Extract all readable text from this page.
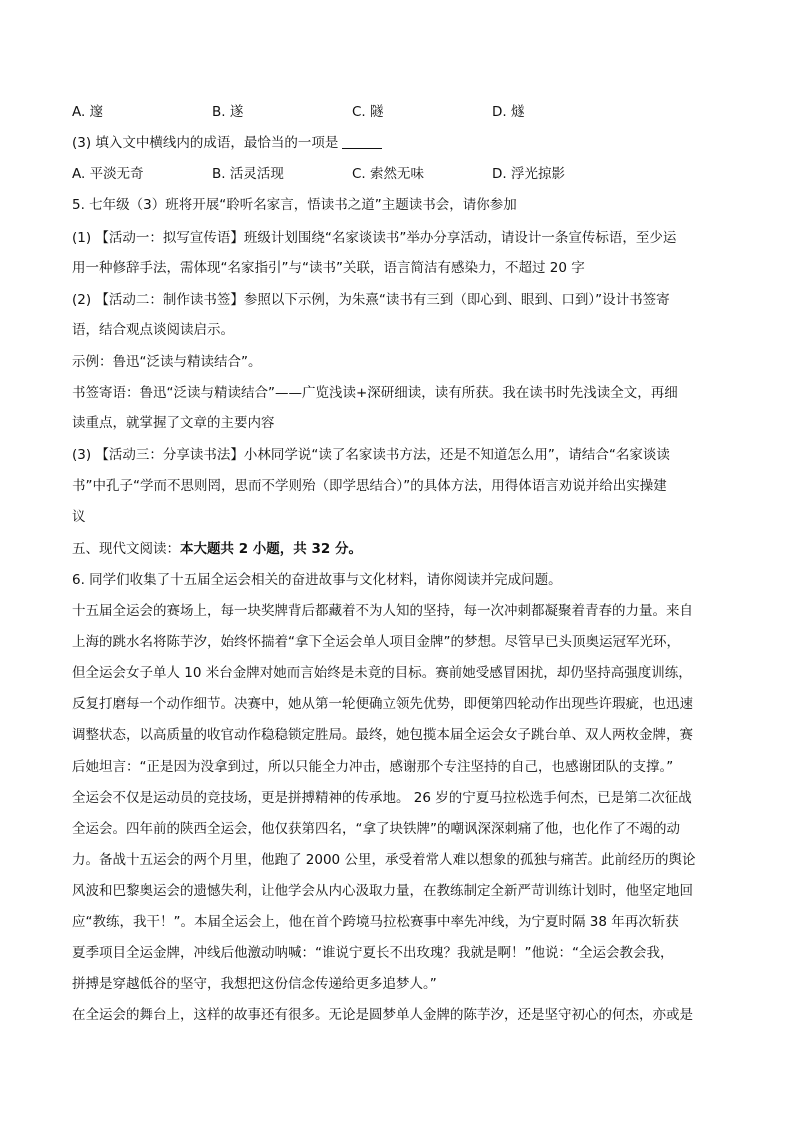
A. 邃	B. 遂	C. 隧	D. 燧
(3) 填入文中横线内的成语，最恰当的一项是
A. 平淡无奇	B. 活灵活现	C. 索然无味	D. 浮光掠影
5. 七年级（3）班将开展“聆听名家言，悟读书之道”主题读书会，请你参加
(1) 【活动一：拟写宣传语】班级计划围绕“名家谈读书”举办分享活动，请设计一条宣传标语，至少运
用一种修辞手法，需体现“名家指引”与“读书”关联，语言简洁有感染力，不超过 20 字
(2) 【活动二：制作读书签】参照以下示例，为朱熹“读书有三到（即心到、眼到、口到）”设计书签寄
语，结合观点谈阅读启示。
示例：鲁迅“泛读与精读结合”。
书签寄语：鲁迅“泛读与精读结合”——广览浅读+深研细读，读有所获。我在读书时先浅读全文，再细
读重点，就掌握了文章的主要内容
(3) 【活动三：分享读书法】小林同学说“读了名家读书方法，还是不知道怎么用”，请结合“名家谈读
书”中孔子“学而不思则罔，思而不学则殆（即学思结合）”的具体方法，用得体语言劝说并给出实操建
议
五、现代文阅读：本大题共 2 小题，共 32 分。
6. 同学们收集了十五届全运会相关的奋进故事与文化材料，请你阅读并完成问题。
十五届全运会的赛场上，每一块奖牌背后都藏着不为人知的坚持，每一次冲刺都凝聚着青春的力量。来自
上海的跳水名将陈芋汐，始终怀揣着“拿下全运会单人项目金牌”的梦想。尽管早已头顶奥运冠军光环，
但全运会女子单人 10 米台金牌对她而言始终是未竟的目标。赛前她受感冒困扰，却仍坚持高强度训练，
反复打磨每一个动作细节。决赛中，她从第一轮便确立领先优势，即便第四轮动作出现些许瑕疵，也迅速
调整状态，以高质量的收官动作稳稳锁定胜局。最终，她包揽本届全运会女子跳台单、双人两枚金牌，赛
后她坦言：“正是因为没拿到过，所以只能全力冲击，感谢那个专注坚持的自己，也感谢团队的支撑。”
全运会不仅是运动员的竞技场，更是拼搏精神的传承地。 26 岁的宁夏马拉松选手何杰，已是第二次征战
全运会。四年前的陕西全运会，他仅获第四名，“拿了块铁牌”的嘲讽深深刺痛了他，也化作了不竭的动
力。备战十五运会的两个月里，他跑了 2000 公里，承受着常人难以想象的孤独与痛苦。此前经历的舆论
风波和巴黎奥运会的遗憾失利，让他学会从内心汲取力量，在教练制定全新严苛训练计划时，他坚定地回
应“教练，我干！”。本届全运会上，他在首个跨境马拉松赛事中率先冲线，为宁夏时隔 38 年再次斩获
夏季项目全运金牌，冲线后他激动呐喊：“谁说宁夏长不出玫瑰？我就是啊！”他说：“全运会教会我，
拼搏是穿越低谷的坚守，我想把这份信念传递给更多追梦人。”
在全运会的舞台上，这样的故事还有很多。无论是圆梦单人金牌的陈芋汐，还是坚守初心的何杰，亦或是
